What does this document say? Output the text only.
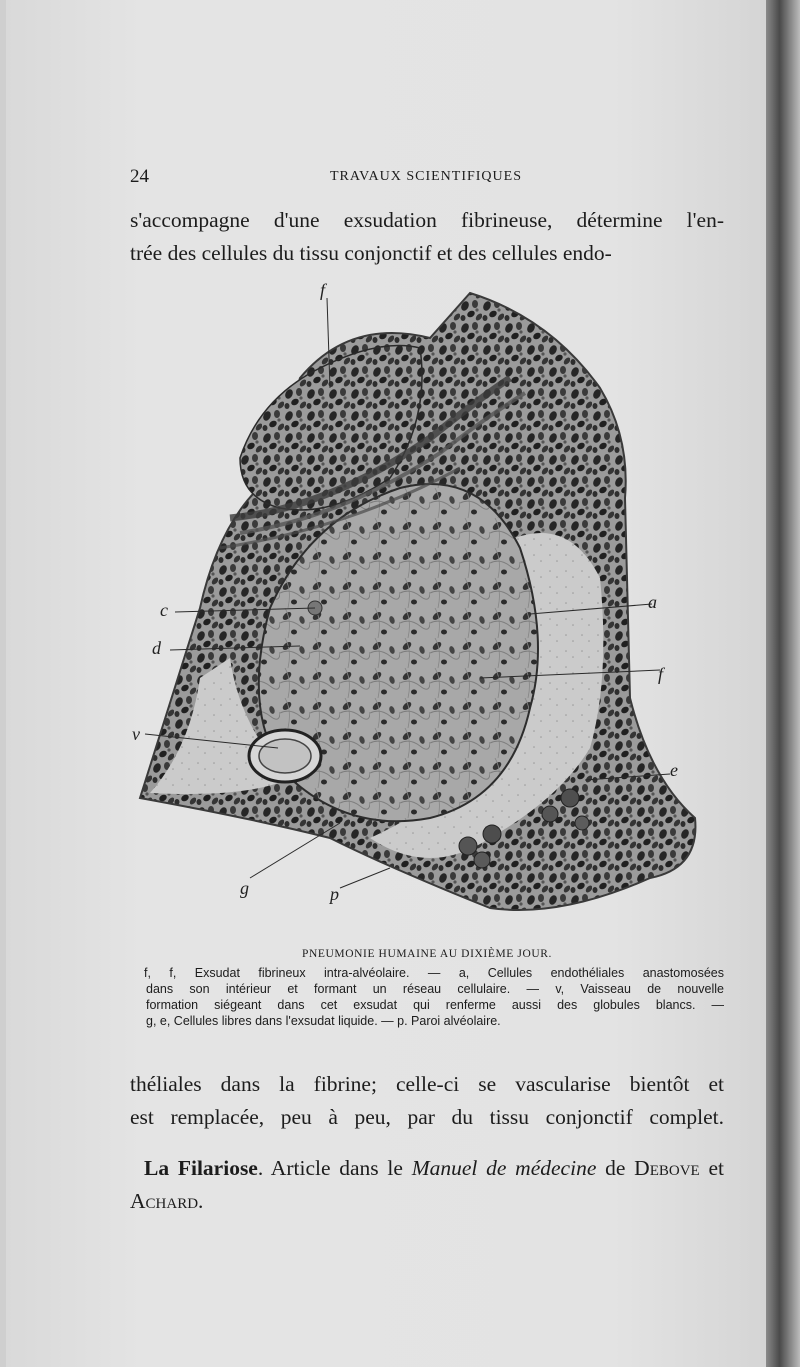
24	TRAVAUX SCIENTIFIQUES

s'accompagne d'une exsudation fibrineuse, détermine l'en-
trée des cellules du tissu conjonctif et des cellules endo-

f
c
d
v
a
f
e
g	p
PNEUMONIE HUMAINE AU DIXIÈME JOUR.

f, f, Exsudat fibrineux intra-alvéolaire. — a, Cellules endothéliales anastomosées
dans son intérieur et formant un réseau cellulaire. — v, Vaisseau de nouvelle
formation siégeant dans cet exsudat qui renferme aussi des globules blancs. —
g, e, Cellules libres dans l'exsudat liquide. — p. Paroi alvéolaire.

théliales dans la fibrine; celle-ci se vascularise bientôt et
est remplacée, peu à peu, par du tissu conjonctif complet.

La Filariose. Article dans le Manuel de médecine de Debove et Achard.
